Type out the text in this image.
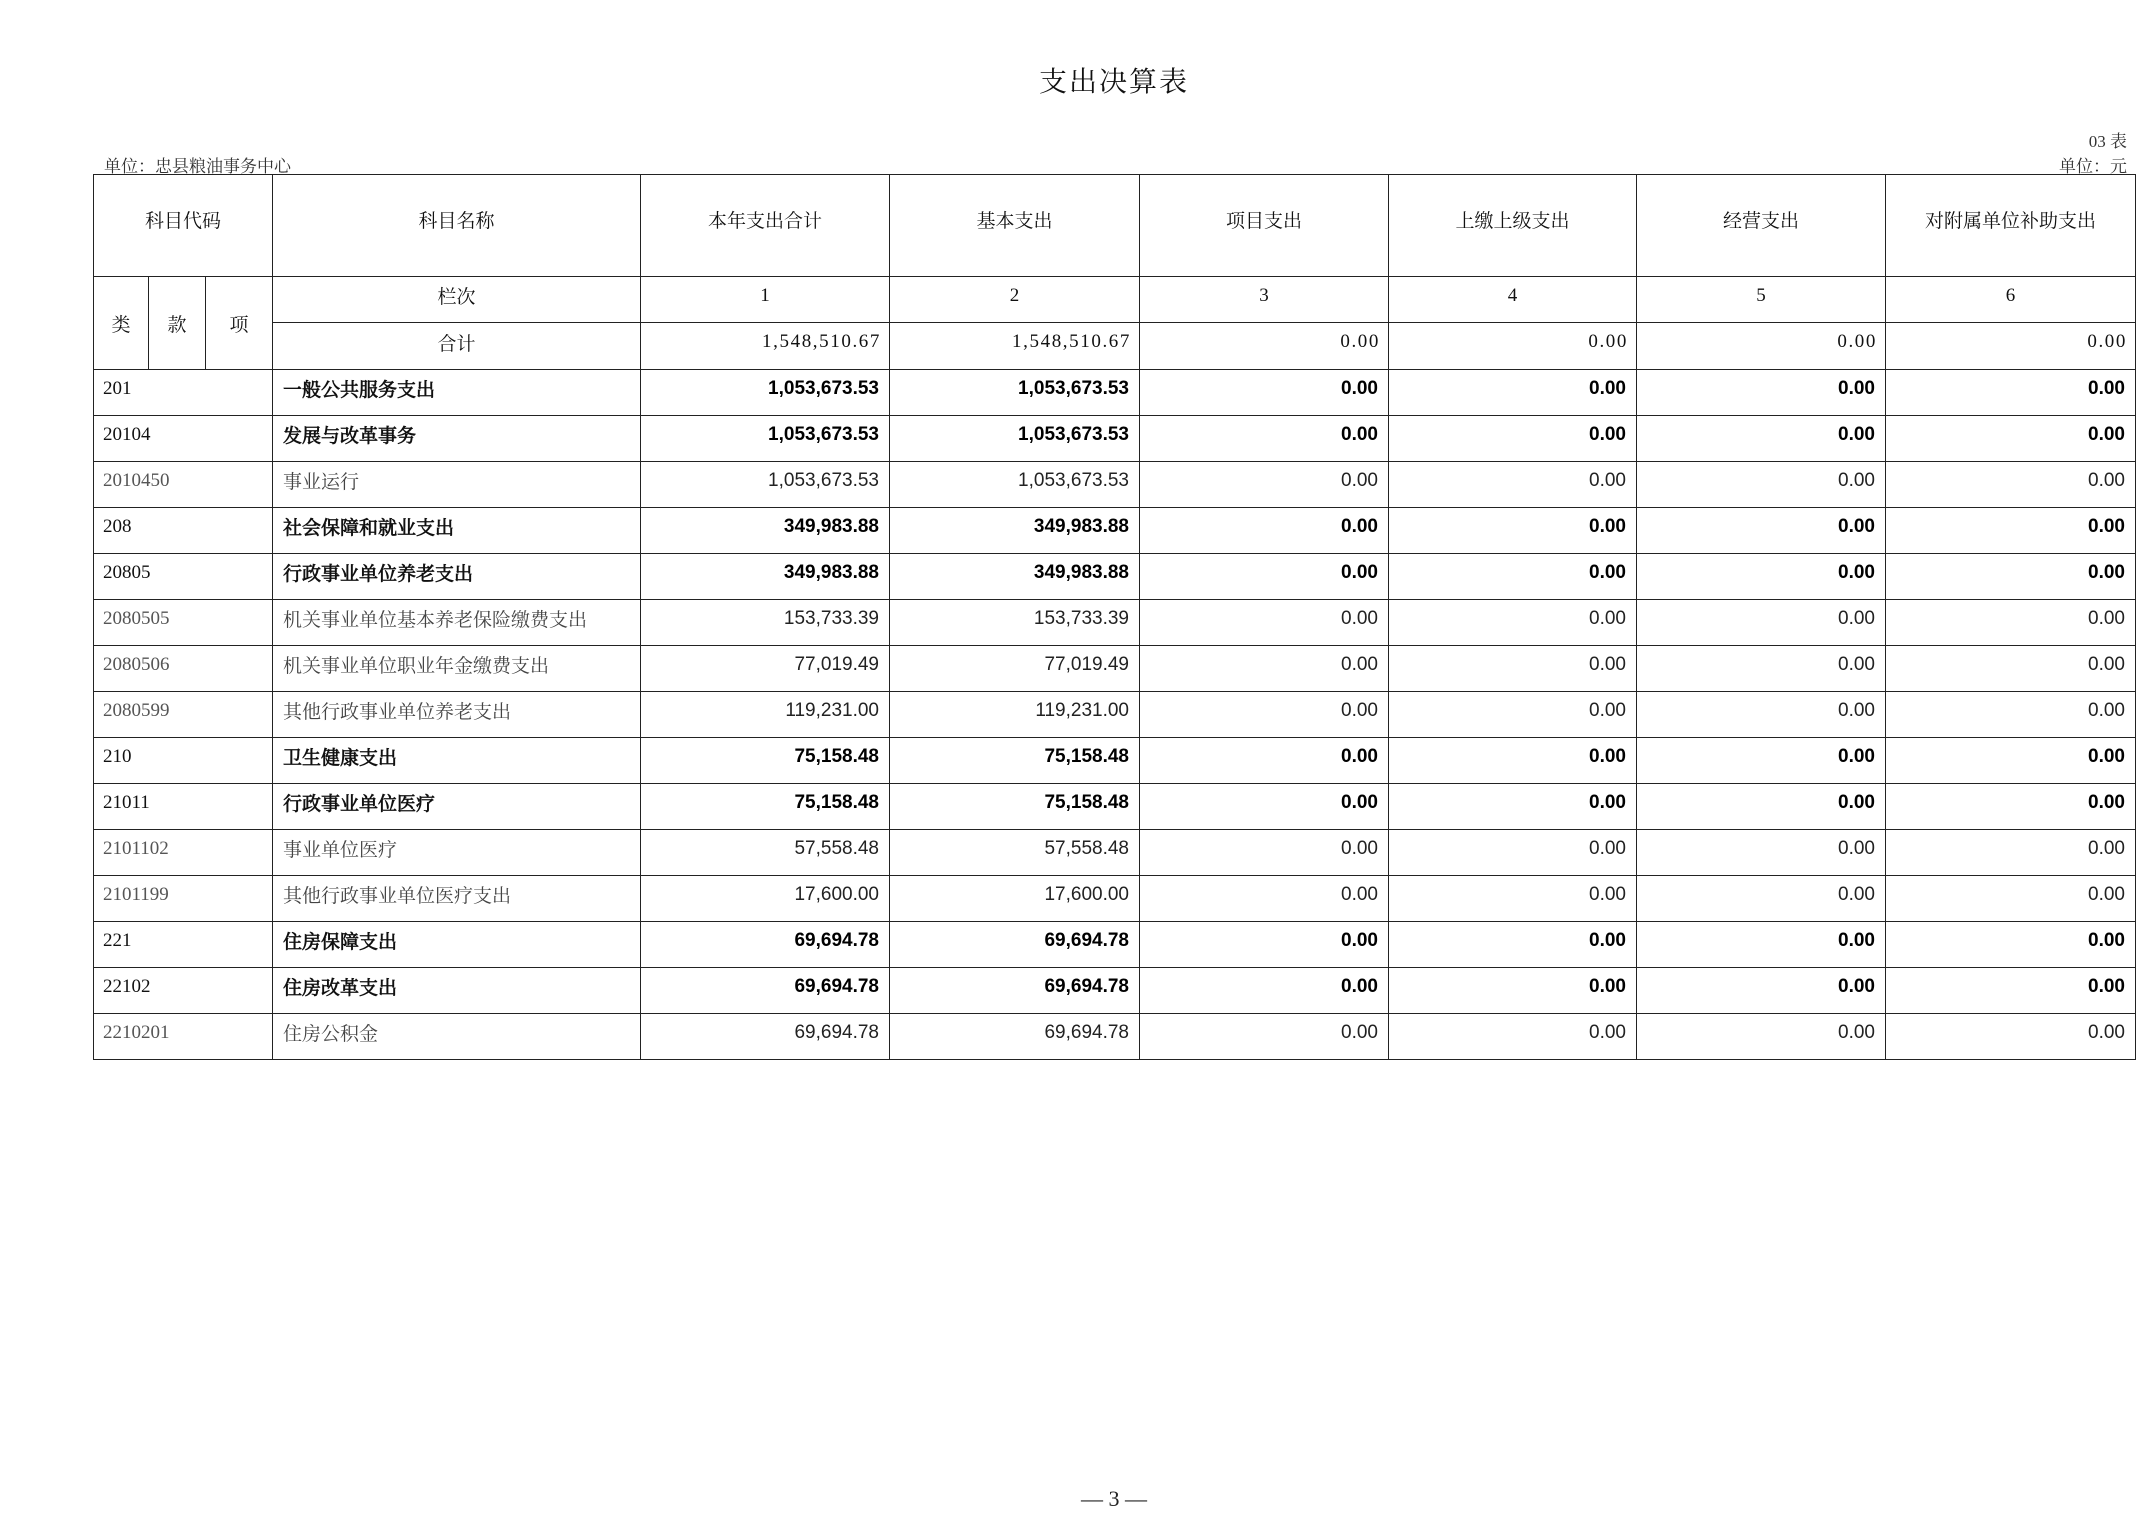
支出决算表
03 表
单位：忠县粮油事务中心	单位：元
科目代码			科目名称	本年支出合计	基本支出	项目支出	上缴上级支出	经营支出	对附属单位补助支出
类	款	项	栏次	1	2	3	4	5	6
			合计	1,548,510.67	1,548,510.67	0.00	0.00	0.00	0.00
201			一般公共服务支出	1,053,673.53	1,053,673.53	0.00	0.00	0.00	0.00
20104			发展与改革事务	1,053,673.53	1,053,673.53	0.00	0.00	0.00	0.00
2010450			事业运行	1,053,673.53	1,053,673.53	0.00	0.00	0.00	0.00
208			社会保障和就业支出	349,983.88	349,983.88	0.00	0.00	0.00	0.00
20805			行政事业单位养老支出	349,983.88	349,983.88	0.00	0.00	0.00	0.00
2080505			机关事业单位基本养老保险缴费支出	153,733.39	153,733.39	0.00	0.00	0.00	0.00
2080506			机关事业单位职业年金缴费支出	77,019.49	77,019.49	0.00	0.00	0.00	0.00
2080599			其他行政事业单位养老支出	119,231.00	119,231.00	0.00	0.00	0.00	0.00
210			卫生健康支出	75,158.48	75,158.48	0.00	0.00	0.00	0.00
21011			行政事业单位医疗	75,158.48	75,158.48	0.00	0.00	0.00	0.00
2101102			事业单位医疗	57,558.48	57,558.48	0.00	0.00	0.00	0.00
2101199			其他行政事业单位医疗支出	17,600.00	17,600.00	0.00	0.00	0.00	0.00
221			住房保障支出	69,694.78	69,694.78	0.00	0.00	0.00	0.00
22102			住房改革支出	69,694.78	69,694.78	0.00	0.00	0.00	0.00
2210201			住房公积金	69,694.78	69,694.78	0.00	0.00	0.00	0.00
— 3 —
